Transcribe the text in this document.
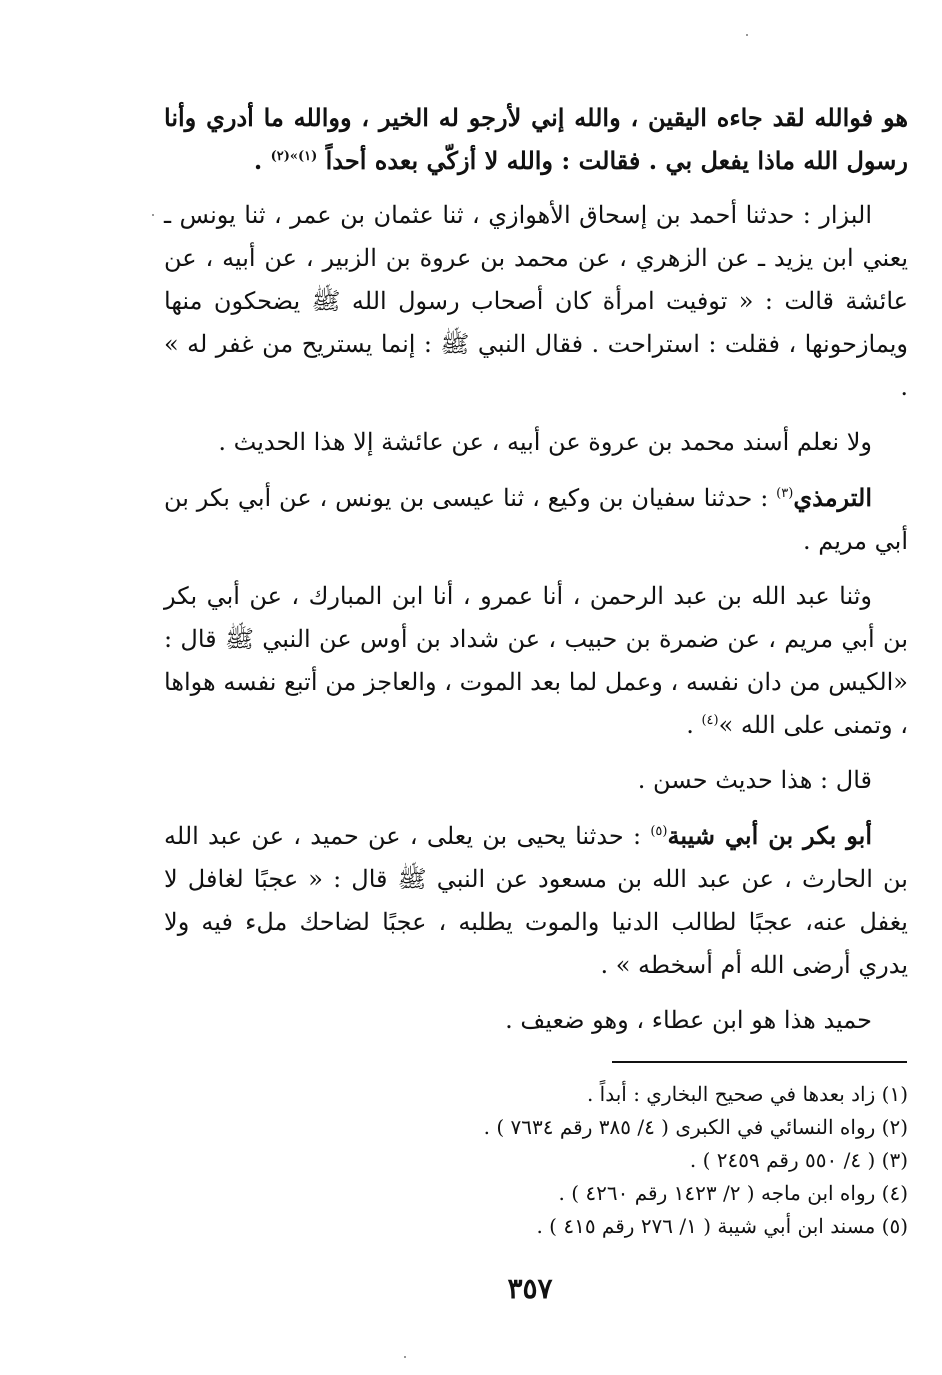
هو فوالله لقد جاءه اليقين ، والله إني لأرجو له الخير ، ووالله ما أدري وأنا رسول الله ماذا يفعل بي . فقالت : والله لا أزكّي بعده أحداً $^{(١)»(٢)}$ .

البزار : حدثنا أحمد بن إسحاق الأهوازي ، ثنا عثمان بن عمر ، ثنا يونس ـ يعني ابن يزيد ـ عن الزهري ، عن محمد بن عروة بن الزبير ، عن أبيه ، عن عائشة قالت : « توفيت امرأة كان أصحاب رسول الله ﷺ يضحكون منها ويمازحونها ، فقلت : استراحت . فقال النبي ﷺ : إنما يستريح من غفر له » .

ولا نعلم أسند محمد بن عروة عن أبيه ، عن عائشة إلا هذا الحديث .

الترمذي$^{(٣)}$ : حدثنا سفيان بن وكيع ، ثنا عيسى بن يونس ، عن أبي بكر بن أبي مريم .

وثنا عبد الله بن عبد الرحمن ، أنا عمرو ، أنا ابن المبارك ، عن أبي بكر بن أبي مريم ، عن ضمرة بن حبيب ، عن شداد بن أوس عن النبي ﷺ قال : «الكيس من دان نفسه ، وعمل لما بعد الموت ، والعاجز من أتبع نفسه هواها ، وتمنى على الله »$^{(٤)}$ .

قال : هذا حديث حسن .

أبو بكر بن أبي شيبة$^{(٥)}$ : حدثنا يحيى بن يعلى ، عن حميد ، عن عبد الله بن الحارث ، عن عبد الله بن مسعود عن النبي ﷺ قال : « عجبًا لغافل لا يغفل عنه، عجبًا لطالب الدنيا والموت يطلبه ، عجبًا لضاحك ملء فيه ولا يدري أرضى الله أم أسخطه » .

حميد هذا هو ابن عطاء ، وهو ضعيف .

(١) زاد بعدها في صحيح البخاري : أبداً .
(٢) رواه النسائي في الكبرى ( ٤/ ٣٨٥ رقم ٧٦٣٤ ) .
(٣) ( ٤/ ٥٥٠ رقم ٢٤٥٩ ) .
(٤) رواه ابن ماجه ( ٢/ ١٤٢٣ رقم ٤٢٦٠ ) .
(٥) مسند ابن أبي شيبة ( ١/ ٢٧٦ رقم ٤١٥ ) .
٣٥٧
